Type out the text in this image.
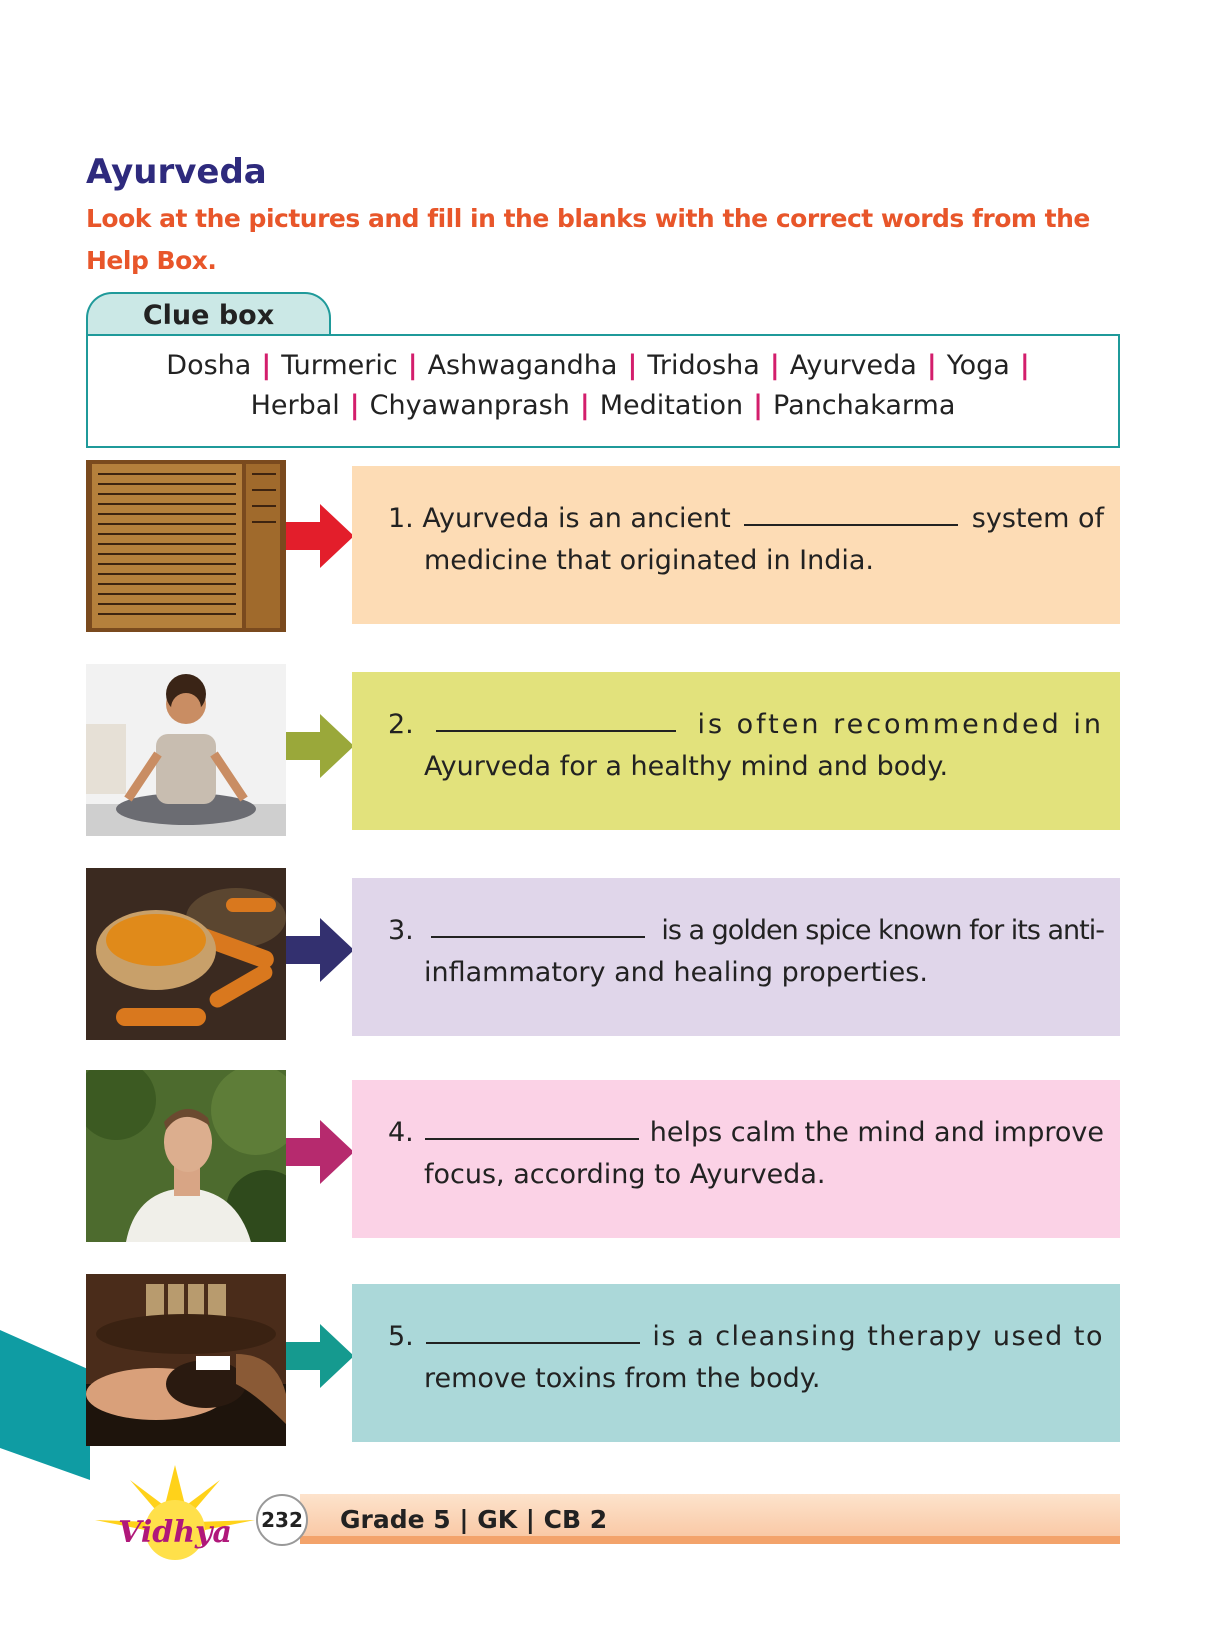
Ayurveda
Look at the pictures and fill in the blanks with the correct words from the Help Box.
Clue box
Dosha | Turmeric | Ashwagandha | Tridosha | Ayurveda | Yoga |
Herbal | Chyawanprash | Meditation | Panchakarma
1. Ayurveda is an ancient	system of
medicine that originated in India.
2.	is often recommended in
Ayurveda for a healthy mind and body.
3.	is a golden spice known for its anti-
inflammatory and healing properties.
4.	helps calm the mind and improve
focus, according to Ayurveda.
5.	is a cleansing therapy used to
remove toxins from the body.
Grade 5 | GK | CB 2
Vidhya 232
